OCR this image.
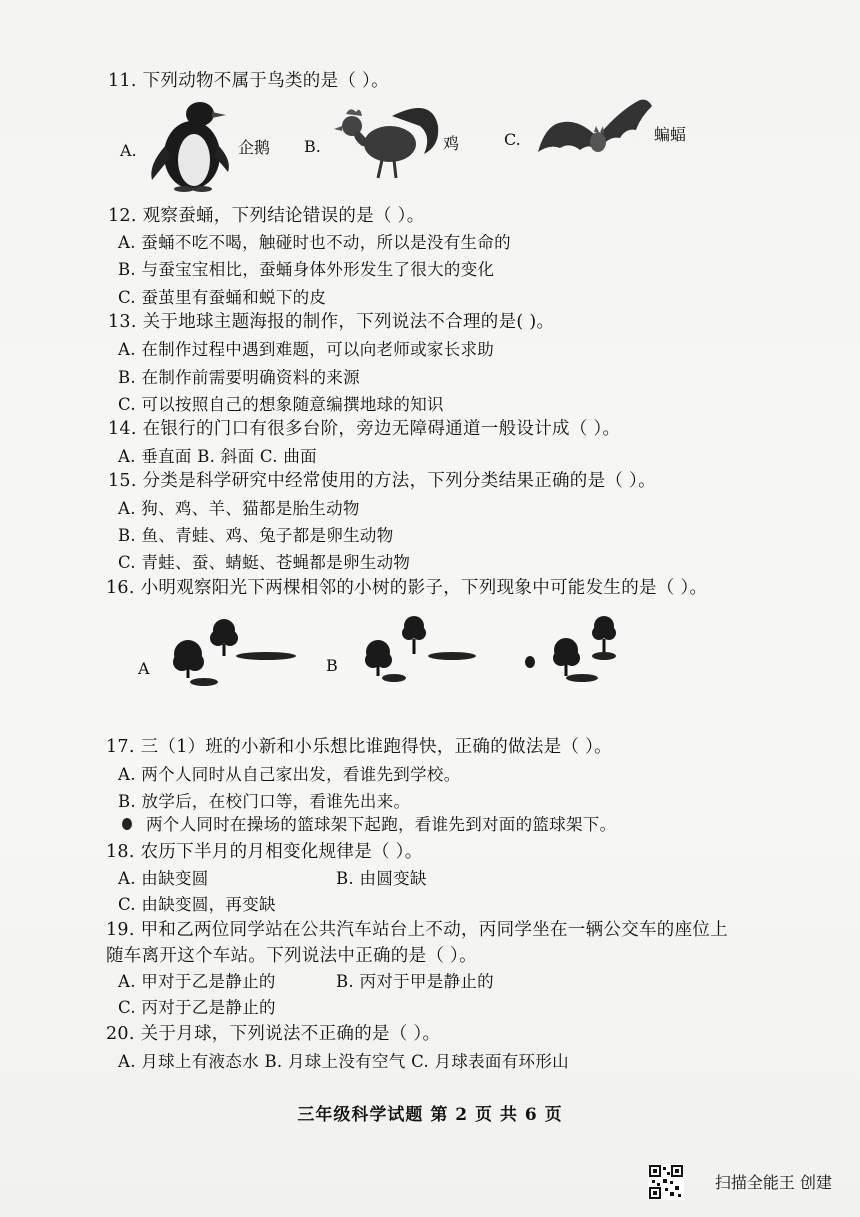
11. 下列动物不属于鸟类的是（ ）。
A.	企鹅 B.	鸡	C.	蝙蝠
12. 观察蚕蛹，下列结论错误的是（ ）。
A. 蚕蛹不吃不喝，触碰时也不动，所以是没有生命的
B. 与蚕宝宝相比，蚕蛹身体外形发生了很大的变化
C. 蚕茧里有蚕蛹和蜕下的皮
13. 关于地球主题海报的制作，下列说法不合理的是( )。
A. 在制作过程中遇到难题，可以向老师或家长求助
B. 在制作前需要明确资料的来源
C. 可以按照自己的想象随意编撰地球的知识
14. 在银行的门口有很多台阶，旁边无障碍通道一般设计成（ ）。
A. 垂直面 B. 斜面 C. 曲面
15. 分类是科学研究中经常使用的方法，下列分类结果正确的是（ ）。
A. 狗、鸡、羊、猫都是胎生动物
B. 鱼、青蛙、鸡、兔子都是卵生动物
C. 青蛙、蚕、蜻蜓、苍蝇都是卵生动物
16. 小明观察阳光下两棵相邻的小树的影子，下列现象中可能发生的是（ ）。
A	B
17. 三（1）班的小新和小乐想比谁跑得快，正确的做法是（ ）。
A. 两个人同时从自己家出发，看谁先到学校。
B. 放学后，在校门口等，看谁先出来。
两个人同时在操场的篮球架下起跑，看谁先到对面的篮球架下。
18. 农历下半月的月相变化规律是（ ）。
A. 由缺变圆	B. 由圆变缺
C. 由缺变圆，再变缺
19. 甲和乙两位同学站在公共汽车站台上不动，丙同学坐在一辆公交车的座位上
随车离开这个车站。下列说法中正确的是（ ）。
A. 甲对于乙是静止的	B. 丙对于甲是静止的
C. 丙对于乙是静止的
20. 关于月球，下列说法不正确的是（ ）。
A. 月球上有液态水 B. 月球上没有空气 C. 月球表面有环形山
三年级科学试题 第 2 页 共 6 页
扫描全能王 创建
